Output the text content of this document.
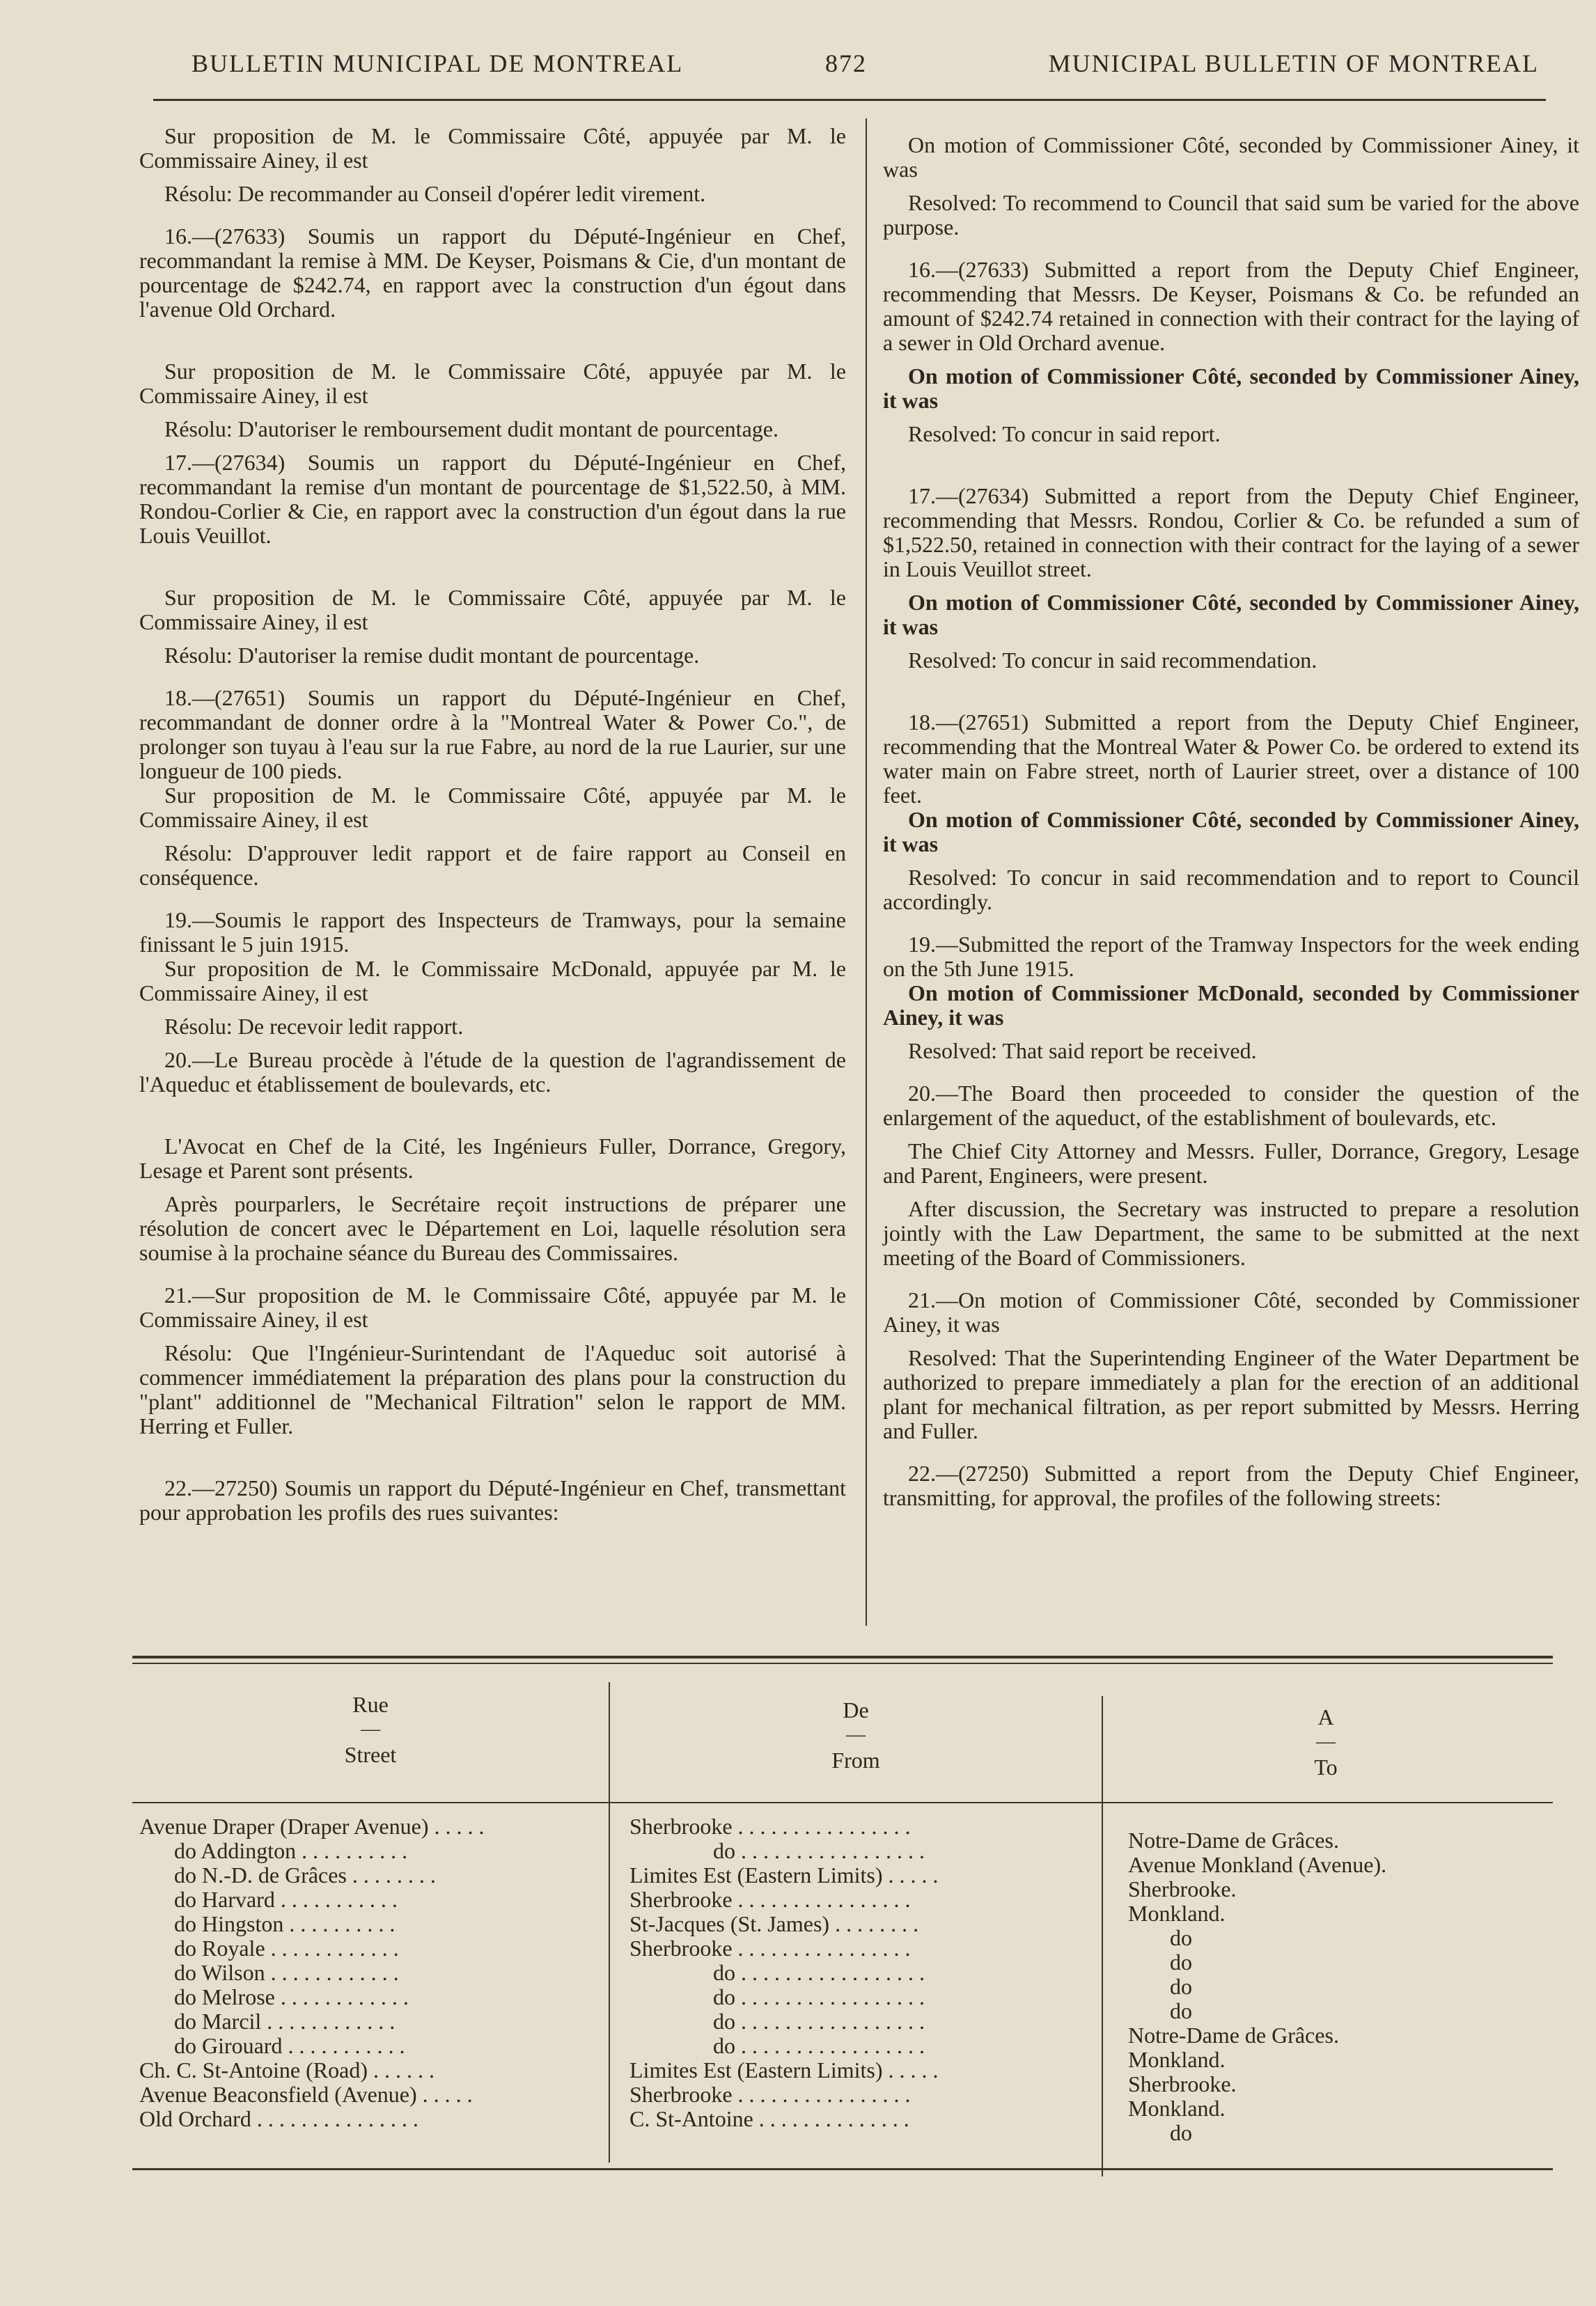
BULLETIN MUNICIPAL DE MONTREAL	872	MUNICIPAL BULLETIN OF MONTREAL

Sur proposition de M. le Commissaire Côté, appuyée par M. le Commissaire Ainey, il est

Résolu: De recommander au Conseil d'opérer ledit virement.

16.—(27633) Soumis un rapport du Député-Ingénieur en Chef, recommandant la remise à MM. De Keyser, Poismans & Cie, d'un montant de pourcentage de $242.74, en rapport avec la construction d'un égout dans l'avenue Old Orchard.

Sur proposition de M. le Commissaire Côté, appuyée par M. le Commissaire Ainey, il est

Résolu: D'autoriser le remboursement dudit montant de pourcentage.

17.—(27634) Soumis un rapport du Député-Ingénieur en Chef, recommandant la remise d'un montant de pourcentage de $1,522.50, à MM. Rondou-Corlier & Cie, en rapport avec la construction d'un égout dans la rue Louis Veuillot.

Sur proposition de M. le Commissaire Côté, appuyée par M. le Commissaire Ainey, il est

Résolu: D'autoriser la remise dudit montant de pourcentage.

18.—(27651) Soumis un rapport du Député-Ingénieur en Chef, recommandant de donner ordre à la "Montreal Water & Power Co.", de prolonger son tuyau à l'eau sur la rue Fabre, au nord de la rue Laurier, sur une longueur de 100 pieds.

Sur proposition de M. le Commissaire Côté, appuyée par M. le Commissaire Ainey, il est

Résolu: D'approuver ledit rapport et de faire rapport au Conseil en conséquence.

19.—Soumis le rapport des Inspecteurs de Tramways, pour la semaine finissant le 5 juin 1915.

Sur proposition de M. le Commissaire McDonald, appuyée par M. le Commissaire Ainey, il est

Résolu: De recevoir ledit rapport.

20.—Le Bureau procède à l'étude de la question de l'agrandissement de l'Aqueduc et établissement de boulevards, etc.

L'Avocat en Chef de la Cité, les Ingénieurs Fuller, Dorrance, Gregory, Lesage et Parent sont présents.

Après pourparlers, le Secrétaire reçoit instructions de préparer une résolution de concert avec le Département en Loi, laquelle résolution sera soumise à la prochaine séance du Bureau des Commissaires.

21.—Sur proposition de M. le Commissaire Côté, appuyée par M. le Commissaire Ainey, il est

Résolu: Que l'Ingénieur-Surintendant de l'Aqueduc soit autorisé à commencer immédiatement la préparation des plans pour la construction du "plant" additionnel de "Mechanical Filtration" selon le rapport de MM. Herring et Fuller.

22.—27250) Soumis un rapport du Député-Ingénieur en Chef, transmettant pour approbation les profils des rues suivantes:

On motion of Commissioner Côté, seconded by Commissioner Ainey, it was

Resolved: To recommend to Council that said sum be varied for the above purpose.

16.—(27633) Submitted a report from the Deputy Chief Engineer, recommending that Messrs. De Keyser, Poismans & Co. be refunded an amount of $242.74 retained in connection with their contract for the laying of a sewer in Old Orchard avenue.

On motion of Commissioner Côté, seconded by Commissioner Ainey, it was

Resolved: To concur in said report.

17.—(27634) Submitted a report from the Deputy Chief Engineer, recommending that Messrs. Rondou, Corlier & Co. be refunded a sum of $1,522.50, retained in connection with their contract for the laying of a sewer in Louis Veuillot street.

On motion of Commissioner Côté, seconded by Commissioner Ainey, it was

Resolved: To concur in said recommendation.

18.—(27651) Submitted a report from the Deputy Chief Engineer, recommending that the Montreal Water & Power Co. be ordered to extend its water main on Fabre street, north of Laurier street, over a distance of 100 feet.

On motion of Commissioner Côté, seconded by Commissioner Ainey, it was

Resolved: To concur in said recommendation and to report to Council accordingly.

19.—Submitted the report of the Tramway Inspectors for the week ending on the 5th June 1915.

On motion of Commissioner McDonald, seconded by Commissioner Ainey, it was

Resolved: That said report be received.

20.—The Board then proceeded to consider the question of the enlargement of the aqueduct, of the establishment of boulevards, etc.

The Chief City Attorney and Messrs. Fuller, Dorrance, Gregory, Lesage and Parent, Engineers, were present.

After discussion, the Secretary was instructed to prepare a resolution jointly with the Law Department, the same to be submitted at the next meeting of the Board of Commissioners.

21.—On motion of Commissioner Côté, seconded by Commissioner Ainey, it was

Resolved: That the Superintending Engineer of the Water Department be authorized to prepare immediately a plan for the erection of an additional plant for mechanical filtration, as per report submitted by Messrs. Herring and Fuller.

22.—(27250) Submitted a report from the Deputy Chief Engineer, transmitting, for approval, the profiles of the following streets:

Rue
—
Street
De
—
From
A
—
To
Avenue Draper (Draper Avenue) . . . . .
do Addington . . . . . . . . . .
do N.-D. de Grâces . . . . . . . .
do Harvard . . . . . . . . . . .
do Hingston . . . . . . . . . .
do Royale . . . . . . . . . . . .
do Wilson . . . . . . . . . . . .
do Melrose . . . . . . . . . . . .
do Marcil . . . . . . . . . . . .
do Girouard . . . . . . . . . . .
Ch. C. St-Antoine (Road) . . . . . .
Avenue Beaconsfield (Avenue) . . . . .
Old Orchard . . . . . . . . . . . . . . .
Sherbrooke . . . . . . . . . . . . . . . .
do . . . . . . . . . . . . . . . . .
Limites Est (Eastern Limits) . . . . .
Sherbrooke . . . . . . . . . . . . . . . .
St-Jacques (St. James) . . . . . . . .
Sherbrooke . . . . . . . . . . . . . . . .
do . . . . . . . . . . . . . . . . .
do . . . . . . . . . . . . . . . . .
do . . . . . . . . . . . . . . . . .
do . . . . . . . . . . . . . . . . .
Limites Est (Eastern Limits) . . . . .
Sherbrooke . . . . . . . . . . . . . . . .
C. St-Antoine . . . . . . . . . . . . . .
Notre-Dame de Grâces.
Avenue Monkland (Avenue).
Sherbrooke.
Monkland.
do
do
do
do
Notre-Dame de Grâces.
Monkland.
Sherbrooke.
Monkland.
do
